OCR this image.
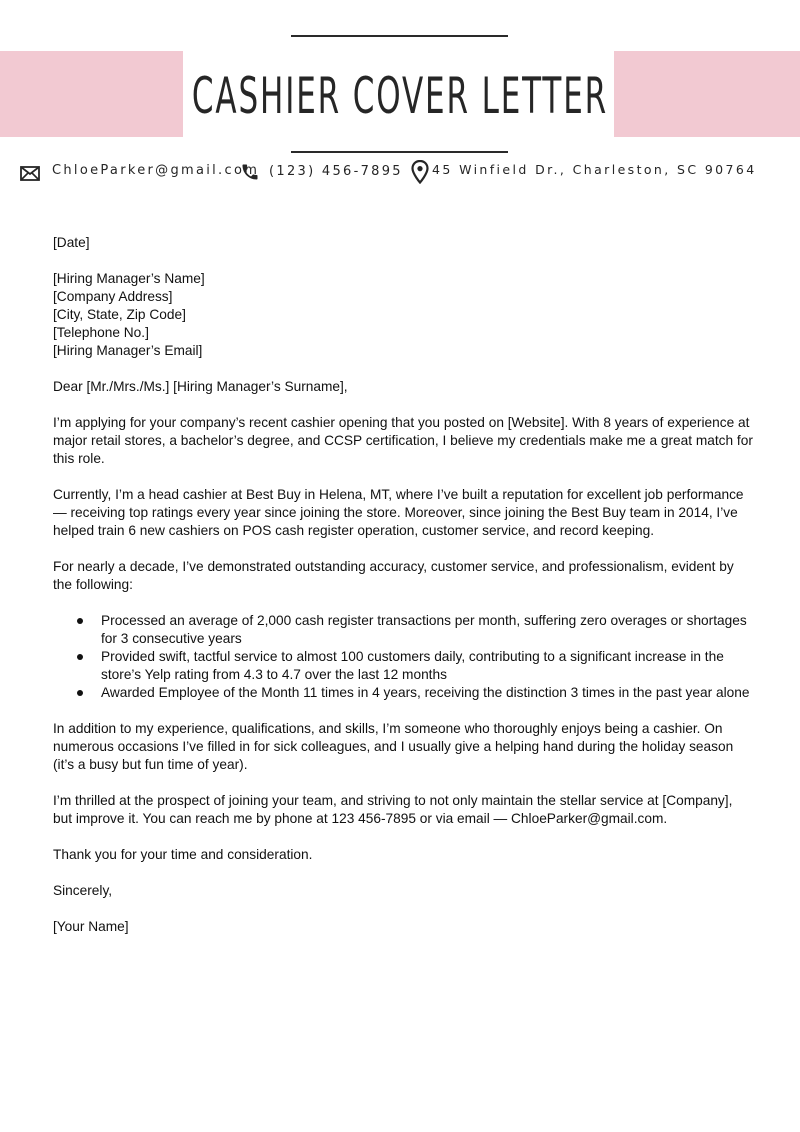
CASHIER COVER LETTER
ChloeParker@gmail.com (123) 456-7895 45 Winfield Dr., Charleston, SC 90764

[Date]

[Hiring Manager’s Name]
[Company Address]
[City, State, Zip Code]
[Telephone No.]
[Hiring Manager’s Email]

Dear [Mr./Mrs./Ms.] [Hiring Manager’s Surname],

I’m applying for your company’s recent cashier opening that you posted on [Website]. With 8 years of experience at major retail stores, a bachelor’s degree, and CCSP certification, I believe my credentials make me a great match for this role.

Currently, I’m a head cashier at Best Buy in Helena, MT, where I’ve built a reputation for excellent job performance — receiving top ratings every year since joining the store. Moreover, since joining the Best Buy team in 2014, I’ve helped train 6 new cashiers on POS cash register operation, customer service, and record keeping.

For nearly a decade, I’ve demonstrated outstanding accuracy, customer service, and professionalism, evident by the following:

Processed an average of 2,000 cash register transactions per month, suffering zero overages or shortages for 3 consecutive years
Provided swift, tactful service to almost 100 customers daily, contributing to a significant increase in the store’s Yelp rating from 4.3 to 4.7 over the last 12 months
Awarded Employee of the Month 11 times in 4 years, receiving the distinction 3 times in the past year alone

In addition to my experience, qualifications, and skills, I’m someone who thoroughly enjoys being a cashier. On numerous occasions I’ve filled in for sick colleagues, and I usually give a helping hand during the holiday season (it’s a busy but fun time of year).

I’m thrilled at the prospect of joining your team, and striving to not only maintain the stellar service at [Company], but improve it. You can reach me by phone at 123 456-7895 or via email — ChloeParker@gmail.com.

Thank you for your time and consideration.

Sincerely,

[Your Name]
